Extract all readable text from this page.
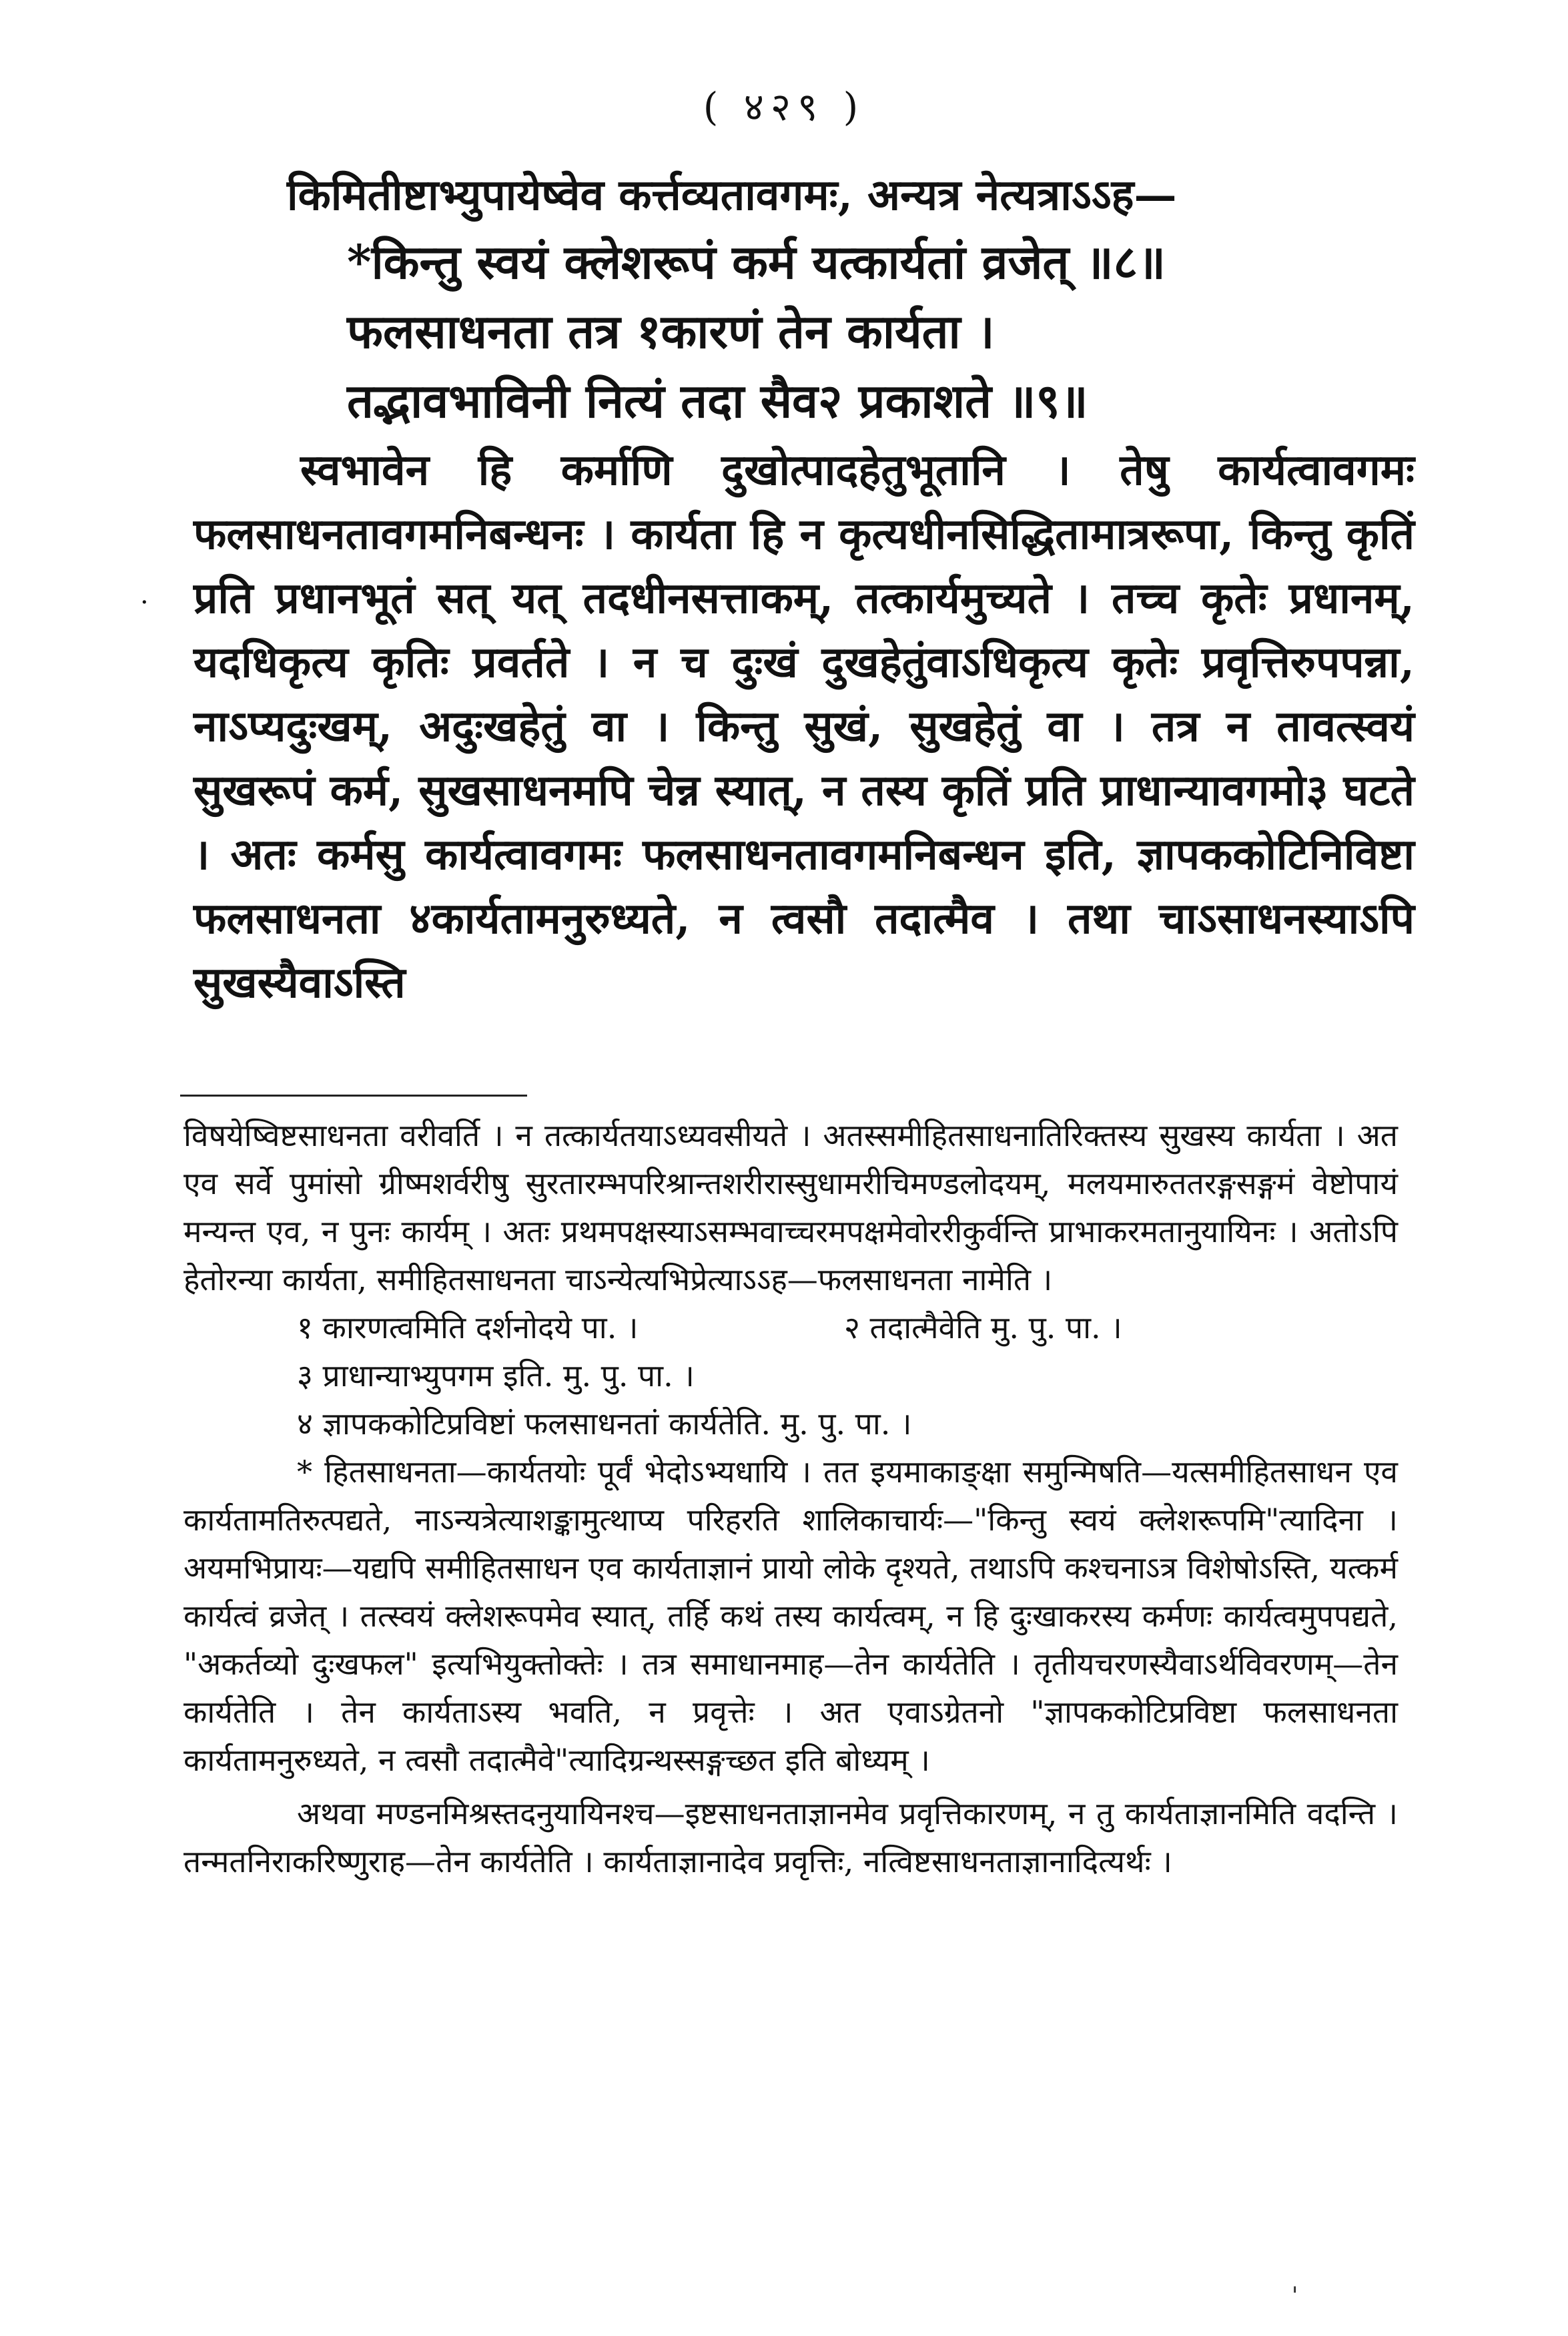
( ४२९ )
·

किमितीष्टाभ्युपायेष्वेव कर्त्तव्यतावगमः, अन्यत्र नेत्यत्राऽऽह—

*किन्तु स्वयं क्लेशरूपं कर्म यत्कार्यतां व्रजेत् ॥८॥
फलसाधनता तत्र १कारणं तेन कार्यता ।
तद्भावभाविनी नित्यं तदा सैव२ प्रकाशते ॥९॥

स्वभावेन हि कर्माणि दुखोत्पादहेतुभूतानि । तेषु कार्यत्वावगमः फलसाधनतावगमनिबन्धनः । कार्यता हि न कृत्यधीनसिद्धितामात्ररूपा, किन्तु कृतिं प्रति प्रधानभूतं सत् यत् तदधीनसत्ताकम्, तत्कार्यमुच्यते । तच्च कृतेः प्रधानम्, यदधिकृत्य कृतिः प्रवर्तते । न च दुःखं दुखहेतुंवाऽधिकृत्य कृतेः प्रवृत्तिरुपपन्ना, नाऽप्यदुःखम्, अदुःखहेतुं वा । किन्तु सुखं, सुखहेतुं वा । तत्र न तावत्स्वयं सुखरूपं कर्म, सुखसाधनमपि चेन्न स्यात्, न तस्य कृतिं प्रति प्राधान्यावगमो३ घटते । अतः कर्मसु कार्यत्वावगमः फलसाधनतावगमनिबन्धन इति, ज्ञापककोटिनिविष्टा फलसाधनता ४कार्यतामनुरुध्यते, न त्वसौ तदात्मैव । तथा चाऽसाधनस्याऽपि सुखस्यैवाऽस्ति

विषयेष्विष्टसाधनता वरीवर्ति । न तत्कार्यतयाऽध्यवसीयते । अतस्समीहितसाधनातिरिक्तस्य सुखस्य कार्यता । अत एव सर्वे पुमांसो ग्रीष्मशर्वरीषु सुरतारम्भपरिश्रान्तशरीरास्सुधामरीचिमण्डलोदयम्, मलयमारुततरङ्गसङ्गमं वेष्टोपायं मन्यन्त एव, न पुनः कार्यम् । अतः प्रथमपक्षस्याऽसम्भवाच्चरमपक्षमेवोररीकुर्वन्ति प्राभाकरमतानुयायिनः । अतोऽपि हेतोरन्या कार्यता, समीहितसाधनता चाऽन्येत्यभिप्रेत्याऽऽह—फलसाधनता नामेति ।

१ कारणत्वमिति दर्शनोदये पा. ।	२ तदात्मैवेति मु. पु. पा. ।
३ प्राधान्याभ्युपगम इति. मु. पु. पा. ।
४ ज्ञापककोटिप्रविष्टां फलसाधनतां कार्यतेति. मु. पु. पा. ।

* हितसाधनता—कार्यतयोः पूर्वं भेदोऽभ्यधायि । तत इयमाकाङ्क्षा समुन्मिषति—यत्समीहितसाधन एव कार्यतामतिरुत्पद्यते, नाऽन्यत्रेत्याशङ्कामुत्थाप्य परिहरति शालिकाचार्यः—"किन्तु स्वयं क्लेशरूपमि"त्यादिना । अयमभिप्रायः—यद्यपि समीहितसाधन एव कार्यताज्ञानं प्रायो लोके दृश्यते, तथाऽपि कश्चनाऽत्र विशेषोऽस्ति, यत्कर्म कार्यत्वं व्रजेत् । तत्स्वयं क्लेशरूपमेव स्यात्, तर्हि कथं तस्य कार्यत्वम्, न हि दुःखाकरस्य कर्मणः कार्यत्वमुपपद्यते, "अकर्तव्यो दुःखफल" इत्यभियुक्तोक्तेः । तत्र समाधानमाह—तेन कार्यतेति । तृतीयचरणस्यैवाऽर्थविवरणम्—तेन कार्यतेति । तेन कार्यताऽस्य भवति, न प्रवृत्तेः । अत एवाऽग्रेतनो "ज्ञापककोटिप्रविष्टा फलसाधनता कार्यतामनुरुध्यते, न त्वसौ तदात्मैवे"त्यादिग्रन्थस्सङ्गच्छत इति बोध्यम् ।

अथवा मण्डनमिश्रस्तदनुयायिनश्च—इष्टसाधनताज्ञानमेव प्रवृत्तिकारणम्, न तु कार्यताज्ञानमिति वदन्ति । तन्मतनिराकरिष्णुराह—तेन कार्यतेति । कार्यताज्ञानादेव प्रवृत्तिः, नत्विष्टसाधनताज्ञानादित्यर्थः ।

ˈ
